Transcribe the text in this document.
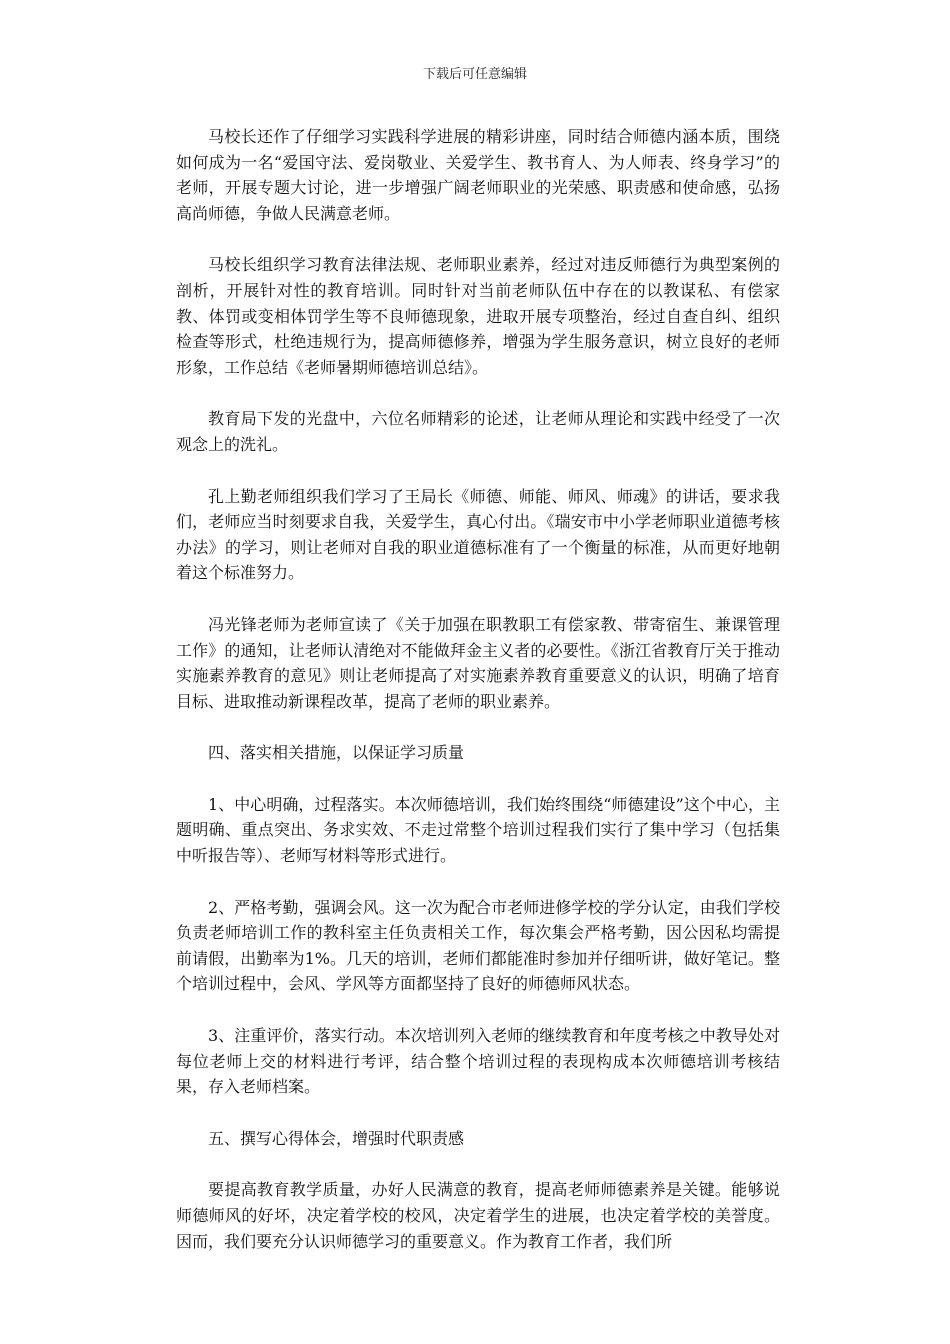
下载后可任意编辑

马校长还作了仔细学习实践科学进展的精彩讲座，同时结合师德内涵本质，围绕如何成为一名“爱国守法、爱岗敬业、关爱学生、教书育人、为人师表、终身学习”的老师，开展专题大讨论，进一步增强广阔老师职业的光荣感、职责感和使命感，弘扬高尚师德，争做人民满意老师。

马校长组织学习教育法律法规、老师职业素养，经过对违反师德行为典型案例的剖析，开展针对性的教育培训。同时针对当前老师队伍中存在的以教谋私、有偿家教、体罚或变相体罚学生等不良师德现象，进取开展专项整治，经过自查自纠、组织检查等形式，杜绝违规行为，提高师德修养，增强为学生服务意识，树立良好的老师形象，工作总结《老师暑期师德培训总结》。

教育局下发的光盘中，六位名师精彩的论述，让老师从理论和实践中经受了一次观念上的洗礼。

孔上勤老师组织我们学习了王局长《师德、师能、师风、师魂》的讲话，要求我们，老师应当时刻要求自我，关爱学生，真心付出。《瑞安市中小学老师职业道德考核办法》的学习，则让老师对自我的职业道德标准有了一个衡量的标准，从而更好地朝着这个标准努力。

冯光锋老师为老师宣读了《关于加强在职教职工有偿家教、带寄宿生、兼课管理工作》的通知，让老师认清绝对不能做拜金主义者的必要性。《浙江省教育厅关于推动实施素养教育的意见》则让老师提高了对实施素养教育重要意义的认识，明确了培育目标、进取推动新课程改革，提高了老师的职业素养。

四、落实相关措施，以保证学习质量

1、中心明确，过程落实。本次师德培训，我们始终围绕“师德建设”这个中心，主题明确、重点突出、务求实效、不走过常整个培训过程我们实行了集中学习（包括集中听报告等）、老师写材料等形式进行。

2、严格考勤，强调会风。这一次为配合市老师进修学校的学分认定，由我们学校负责老师培训工作的教科室主任负责相关工作，每次集会严格考勤，因公因私均需提前请假，出勤率为1%。几天的培训，老师们都能准时参加并仔细听讲，做好笔记。整个培训过程中，会风、学风等方面都坚持了良好的师德师风状态。

3、注重评价，落实行动。本次培训列入老师的继续教育和年度考核之中教导处对每位老师上交的材料进行考评，结合整个培训过程的表现构成本次师德培训考核结果，存入老师档案。

五、撰写心得体会，增强时代职责感

要提高教育教学质量，办好人民满意的教育，提高老师师德素养是关键。能够说师德师风的好坏，决定着学校的校风，决定着学生的进展，也决定着学校的美誉度。因而，我们要充分认识师德学习的重要意义。作为教育工作者，我们所
